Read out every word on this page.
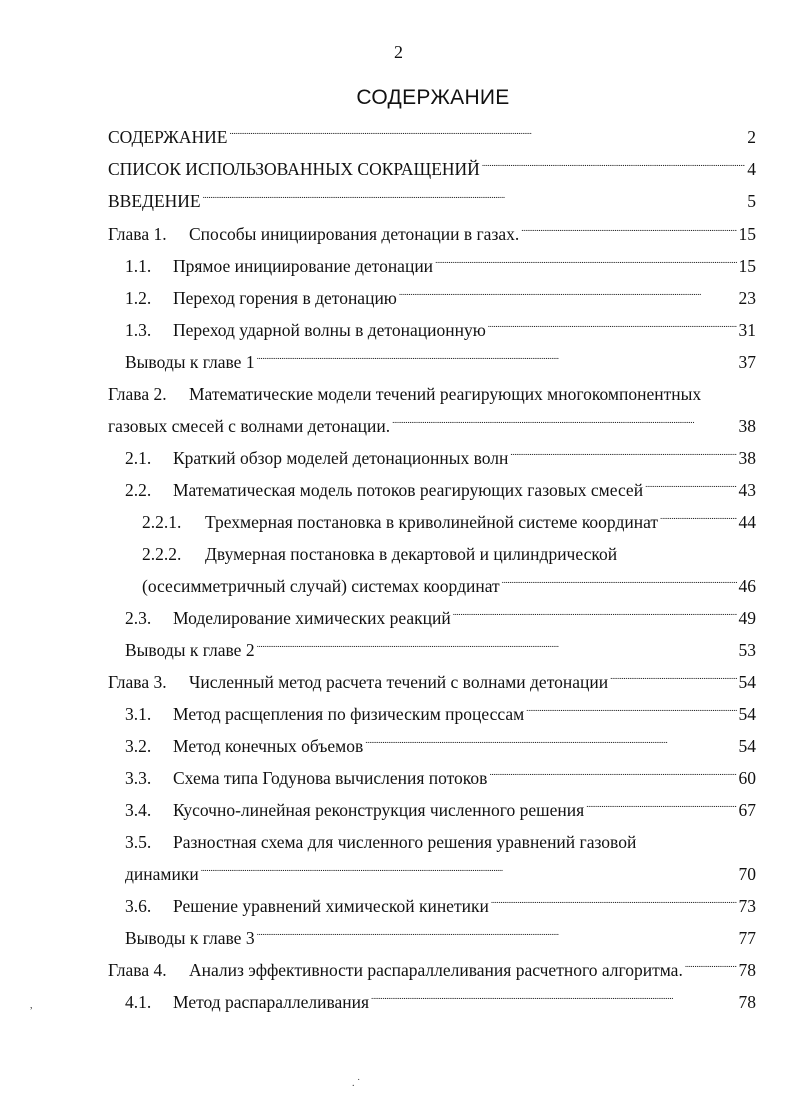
2
СОДЕРЖАНИЕ
СОДЕРЖАНИЕ . . .	2
СПИСОК ИСПОЛЬЗОВАННЫХ СОКРАЩЕНИЙ . . .	4
ВВЕДЕНИЕ . . .	5
Глава 1. Способы инициирования детонации в газах. . . .	15
1.1. Прямое инициирование детонации . . .	15
1.2. Переход горения в детонацию . . .	23
1.3. Переход ударной волны в детонационную . . .	31
Выводы к главе 1 . . .	37
Глава 2. Математические модели течений реагирующих многокомпонентных
газовых смесей с волнами детонации. . . .	38
2.1. Краткий обзор моделей детонационных волн . . .	38
2.2. Математическая модель потоков реагирующих газовых смесей . . .	43
2.2.1. Трехмерная постановка в криволинейной системе координат . . .	44
2.2.2. Двумерная постановка в декартовой и цилиндрической
(осесимметричный случай) системах координат . . .	46
2.3. Моделирование химических реакций . . .	49
Выводы к главе 2 . . .	53
Глава 3. Численный метод расчета течений с волнами детонации . . .	54
3.1. Метод расщепления по физическим процессам . . .	54
3.2. Метод конечных объемов . . .	54
3.3. Схема типа Годунова вычисления потоков . . .	60
3.4. Кусочно-линейная реконструкция численного решения . . .	67
3.5. Разностная схема для численного решения уравнений газовой
динамики . . .	70
3.6. Решение уравнений химической кинетики . . .	73
Выводы к главе 3 . . .	77
Глава 4. Анализ эффективности распараллеливания расчетного алгоритма. . . .	78
4.1. Метод распараллеливания . . .	78
,
. ˙
